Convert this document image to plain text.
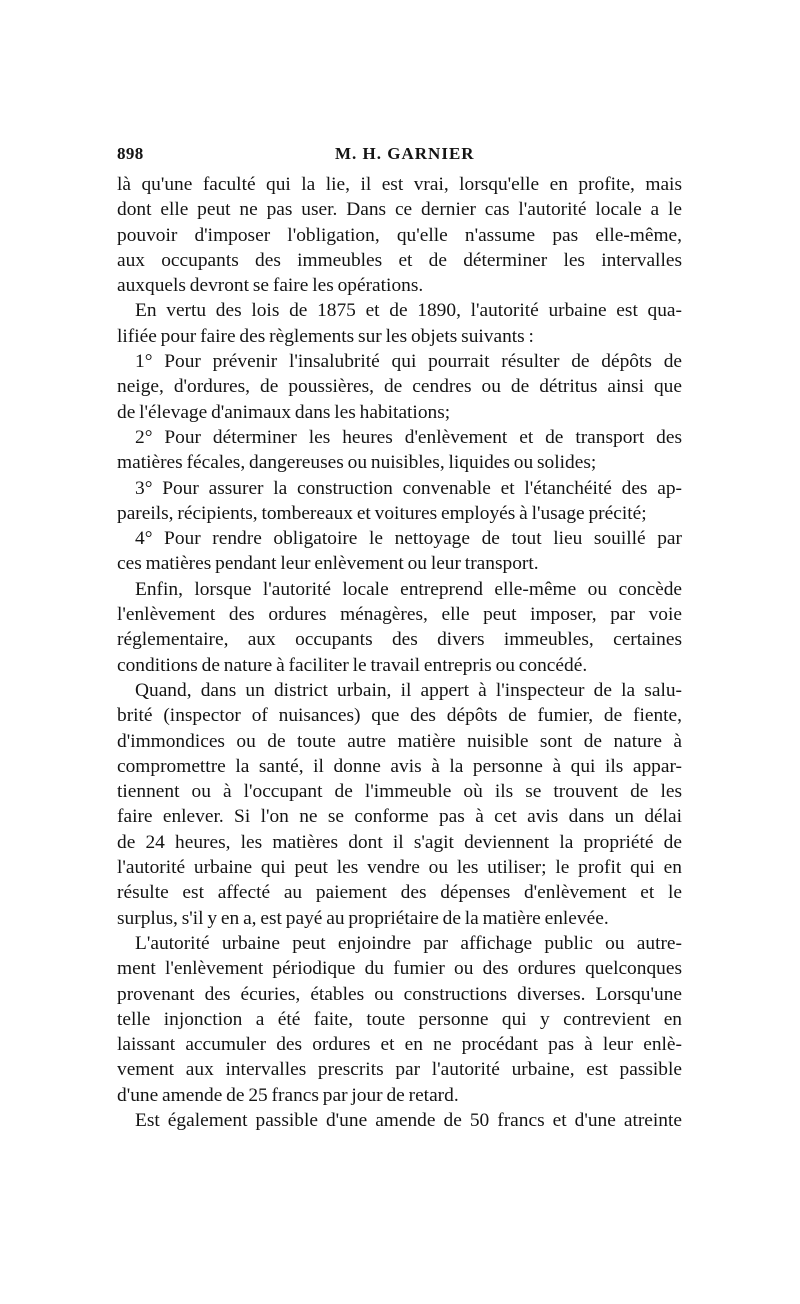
898	M. H. GARNIER
là qu'une faculté qui la lie, il est vrai, lorsqu'elle en profite, mais
dont elle peut ne pas user. Dans ce dernier cas l'autorité locale a le
pouvoir d'imposer l'obligation, qu'elle n'assume pas elle-même,
aux occupants des immeubles et de déterminer les intervalles
auxquels devront se faire les opérations.
En vertu des lois de 1875 et de 1890, l'autorité urbaine est qua-
lifiée pour faire des règlements sur les objets suivants :
1° Pour prévenir l'insalubrité qui pourrait résulter de dépôts de
neige, d'ordures, de poussières, de cendres ou de détritus ainsi que
de l'élevage d'animaux dans les habitations;
2° Pour déterminer les heures d'enlèvement et de transport des
matières fécales, dangereuses ou nuisibles, liquides ou solides;
3° Pour assurer la construction convenable et l'étanchéité des ap-
pareils, récipients, tombereaux et voitures employés à l'usage précité;
4° Pour rendre obligatoire le nettoyage de tout lieu souillé par
ces matières pendant leur enlèvement ou leur transport.
Enfin, lorsque l'autorité locale entreprend elle-même ou concède
l'enlèvement des ordures ménagères, elle peut imposer, par voie
réglementaire, aux occupants des divers immeubles, certaines
conditions de nature à faciliter le travail entrepris ou concédé.
Quand, dans un district urbain, il appert à l'inspecteur de la salu-
brité (inspector of nuisances) que des dépôts de fumier, de fiente,
d'immondices ou de toute autre matière nuisible sont de nature à
compromettre la santé, il donne avis à la personne à qui ils appar-
tiennent ou à l'occupant de l'immeuble où ils se trouvent de les
faire enlever. Si l'on ne se conforme pas à cet avis dans un délai
de 24 heures, les matières dont il s'agit deviennent la propriété de
l'autorité urbaine qui peut les vendre ou les utiliser; le profit qui en
résulte est affecté au paiement des dépenses d'enlèvement et le
surplus, s'il y en a, est payé au propriétaire de la matière enlevée.
L'autorité urbaine peut enjoindre par affichage public ou autre-
ment l'enlèvement périodique du fumier ou des ordures quelconques
provenant des écuries, étables ou constructions diverses. Lorsqu'une
telle injonction a été faite, toute personne qui y contrevient en
laissant accumuler des ordures et en ne procédant pas à leur enlè-
vement aux intervalles prescrits par l'autorité urbaine, est passible
d'une amende de 25 francs par jour de retard.
Est également passible d'une amende de 50 francs et d'une atreinte
